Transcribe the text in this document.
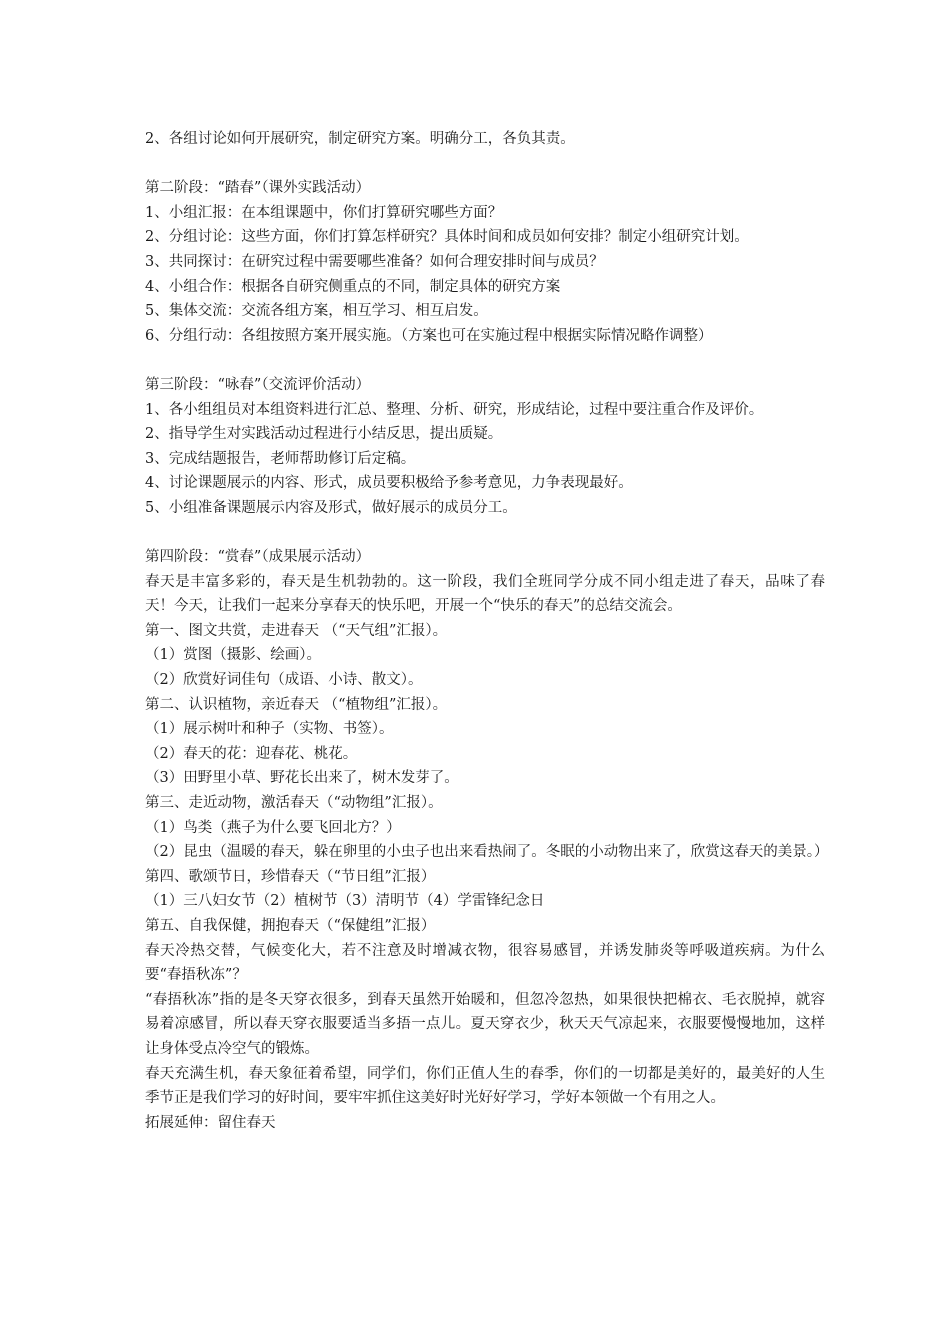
2、各组讨论如何开展研究，制定研究方案。明确分工，各负其责。

第二阶段：“踏春”（课外实践活动）

1、小组汇报：在本组课题中，你们打算研究哪些方面？

2、分组讨论：这些方面，你们打算怎样研究？具体时间和成员如何安排？制定小组研究计划。

3、共同探讨：在研究过程中需要哪些准备？如何合理安排时间与成员？

4、小组合作：根据各自研究侧重点的不同，制定具体的研究方案

5、集体交流：交流各组方案，相互学习、相互启发。

6、分组行动：各组按照方案开展实施。（方案也可在实施过程中根据实际情况略作调整）

第三阶段：“咏春”（交流评价活动）

1、各小组组员对本组资料进行汇总、整理、分析、研究，形成结论，过程中要注重合作及评价。

2、指导学生对实践活动过程进行小结反思，提出质疑。

3、完成结题报告，老师帮助修订后定稿。

4、讨论课题展示的内容、形式，成员要积极给予参考意见，力争表现最好。

5、小组准备课题展示内容及形式，做好展示的成员分工。

第四阶段：“赏春”（成果展示活动）

春天是丰富多彩的，春天是生机勃勃的。这一阶段，我们全班同学分成不同小组走进了春天，品味了春天！今天，让我们一起来分享春天的快乐吧，开展一个“快乐的春天”的总结交流会。

第一、图文共赏，走进春天 （“天气组”汇报）。

（1）赏图（摄影、绘画）。

（2）欣赏好词佳句（成语、小诗、散文）。

第二、认识植物，亲近春天 （“植物组”汇报）。

（1）展示树叶和种子（实物、书签）。

（2）春天的花：迎春花、桃花。

（3）田野里小草、野花长出来了，树木发芽了。

第三、走近动物，激活春天（“动物组”汇报）。

（1）鸟类（燕子为什么要飞回北方？）

（2）昆虫（温暖的春天，躲在卵里的小虫子也出来看热闹了。冬眠的小动物出来了，欣赏这春天的美景。）

第四、歌颂节日，珍惜春天（“节日组”汇报）

（1）三八妇女节（2）植树节（3）清明节（4）学雷锋纪念日

第五、自我保健，拥抱春天（“保健组”汇报）

春天冷热交替，气候变化大，若不注意及时增减衣物，很容易感冒，并诱发肺炎等呼吸道疾病。为什么要“春捂秋冻”？

“春捂秋冻”指的是冬天穿衣很多，到春天虽然开始暖和，但忽冷忽热，如果很快把棉衣、毛衣脱掉，就容易着凉感冒，所以春天穿衣服要适当多捂一点儿。夏天穿衣少，秋天天气凉起来，衣服要慢慢地加，这样让身体受点冷空气的锻炼。

春天充满生机，春天象征着希望，同学们，你们正值人生的春季，你们的一切都是美好的，最美好的人生季节正是我们学习的好时间，要牢牢抓住这美好时光好好学习，学好本领做一个有用之人。

拓展延伸：留住春天
